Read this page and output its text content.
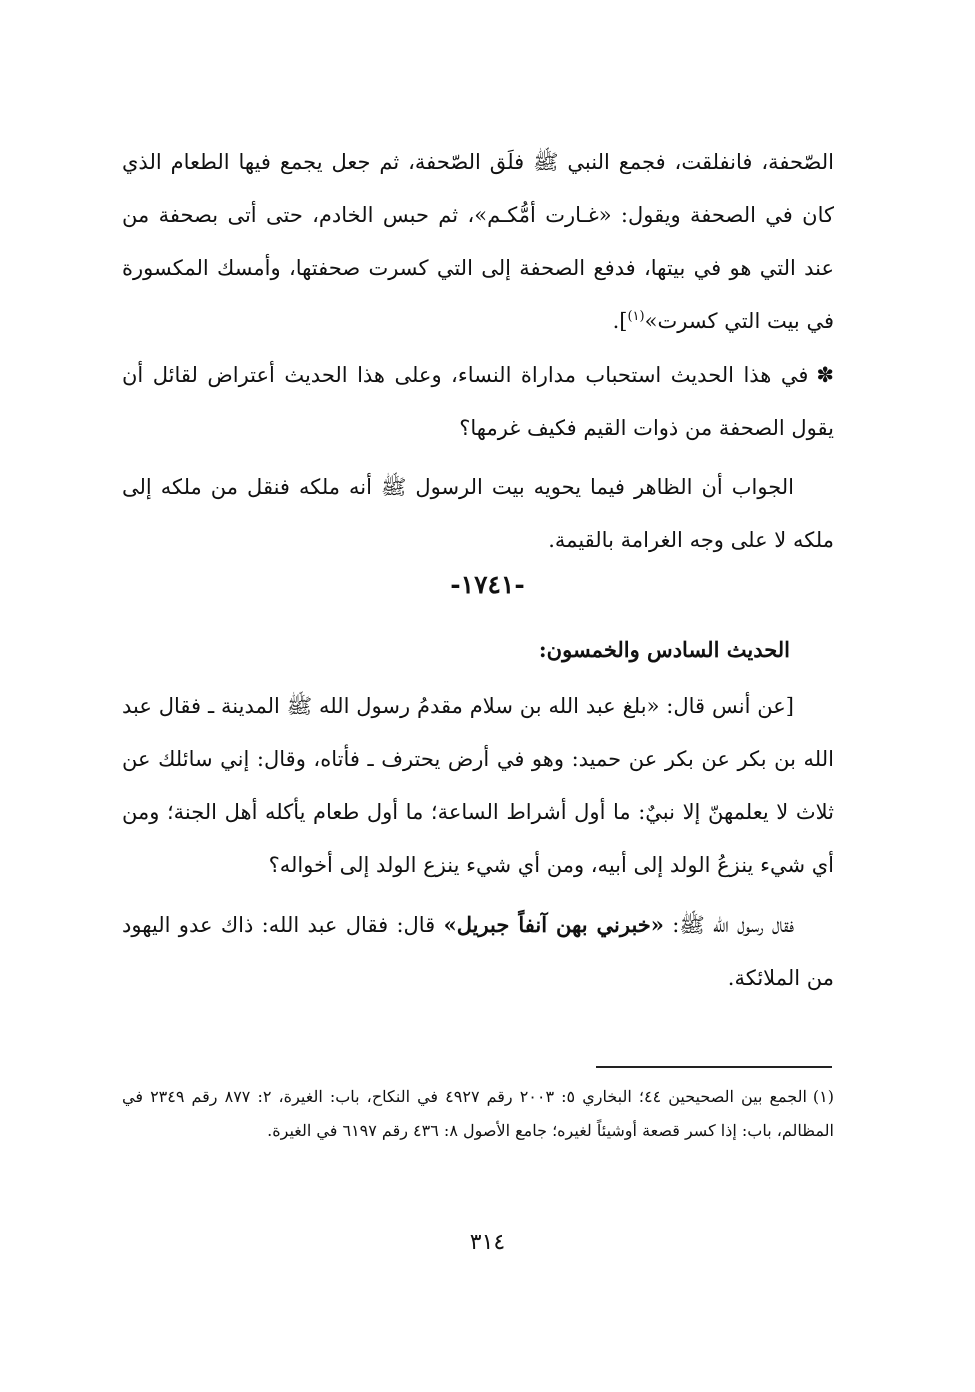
الصّحفة، فانفلقت، فجمع النبي ﷺ فلَق الصّحفة، ثم جعل يجمع فيها الطعام الذي كان في الصحفة ويقول: «غـارت أمُّكـم»، ثم حبس الخادم، حتى أتى بصحفة من عند التي هو في بيتها، فدفع الصحفة إلى التي كسرت صحفتها، وأمسك المكسورة في بيت التي كسرت»$^{(١)}$].

✽في هذا الحديث استحباب مداراة النساء، وعلى هذا الحديث أعتراض لقائل أن يقول الصحفة من ذوات القيم فكيف غرمها؟

الجواب أن الظاهر فيما يحويه بيت الرسول ﷺ أنه ملكه فنقل من ملكه إلى ملكه لا على وجه الغرامة بالقيمة.

-١٧٤١-
الحديث السادس والخمسون:

[عن أنس قال: «بلغ عبد الله بن سلام مقدمُ رسول الله ﷺ المدينة ـ فقال عبد الله بن بكر عن بكر عن حميد: وهو في أرض يحترف ـ فأتاه، وقال: إني سائلك عن ثلاث لا يعلمهنّ إلا نبيٌ: ما أول أشراط الساعة؛ ما أول طعام يأكله أهل الجنة؛ ومن أي شيء ينزعُ الولد إلى أبيه، ومن أي شيء ينزع الولد إلى أخواله؟

فقال رسول الله ﷺ: «خبرني بهن آنفاً جبريل» قال: فقال عبد الله: ذاك عدو اليهود من الملائكة.

(١)الجمع بين الصحيحين ٤٤؛ البخاري ٥: ٢٠٠٣ رقم ٤٩٢٧ في النكاح، باب: الغيرة، ٢: ٨٧٧ رقم ٢٣٤٩ في المظالم، باب: إذا كسر قصعة أوشيئاً لغيره؛ جامع الأصول ٨: ٤٣٦ رقم ٦١٩٧ في الغيرة.

٣١٤
